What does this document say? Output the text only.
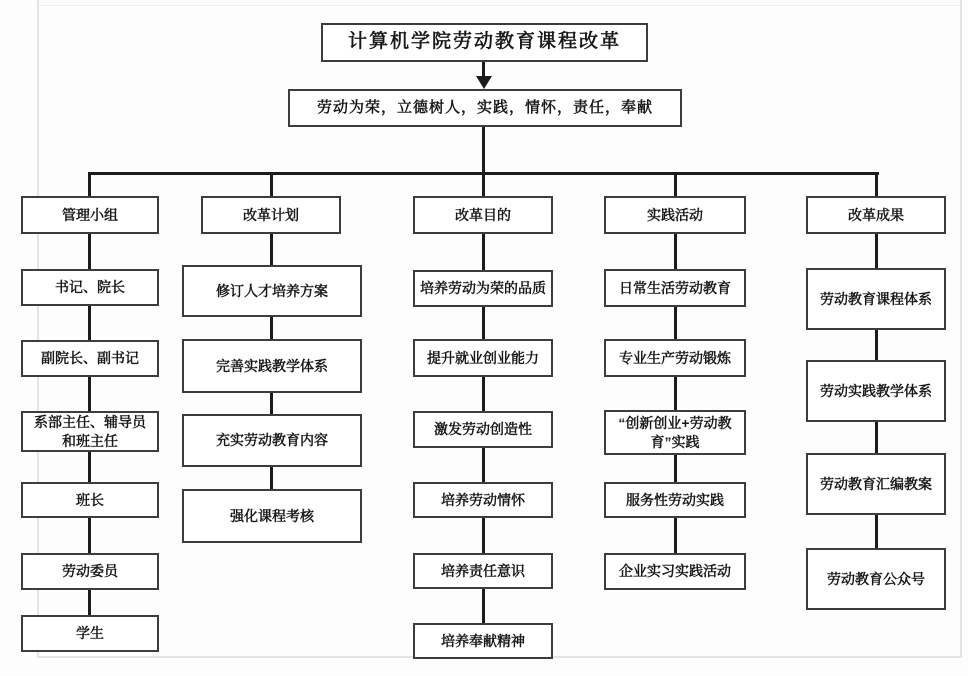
计算机学院劳动教育课程改革
劳动为荣，立德树人，实践，情怀，责任，奉献
管理小组
书记、院长
副院长、副书记
系部主任、辅导员和班主任
班长
劳动委员
学生
改革计划
修订人才培养方案
完善实践教学体系
充实劳动教育内容
强化课程考核
改革目的
培养劳动为荣的品质
提升就业创业能力
激发劳动创造性
培养劳动情怀
培养责任意识
培养奉献精神
实践活动
日常生活劳动教育
专业生产劳动锻炼
“创新创业+劳动教育”实践
服务性劳动实践
企业实习实践活动
改革成果
劳动教育课程体系
劳动实践教学体系
劳动教育汇编教案
劳动教育公众号
